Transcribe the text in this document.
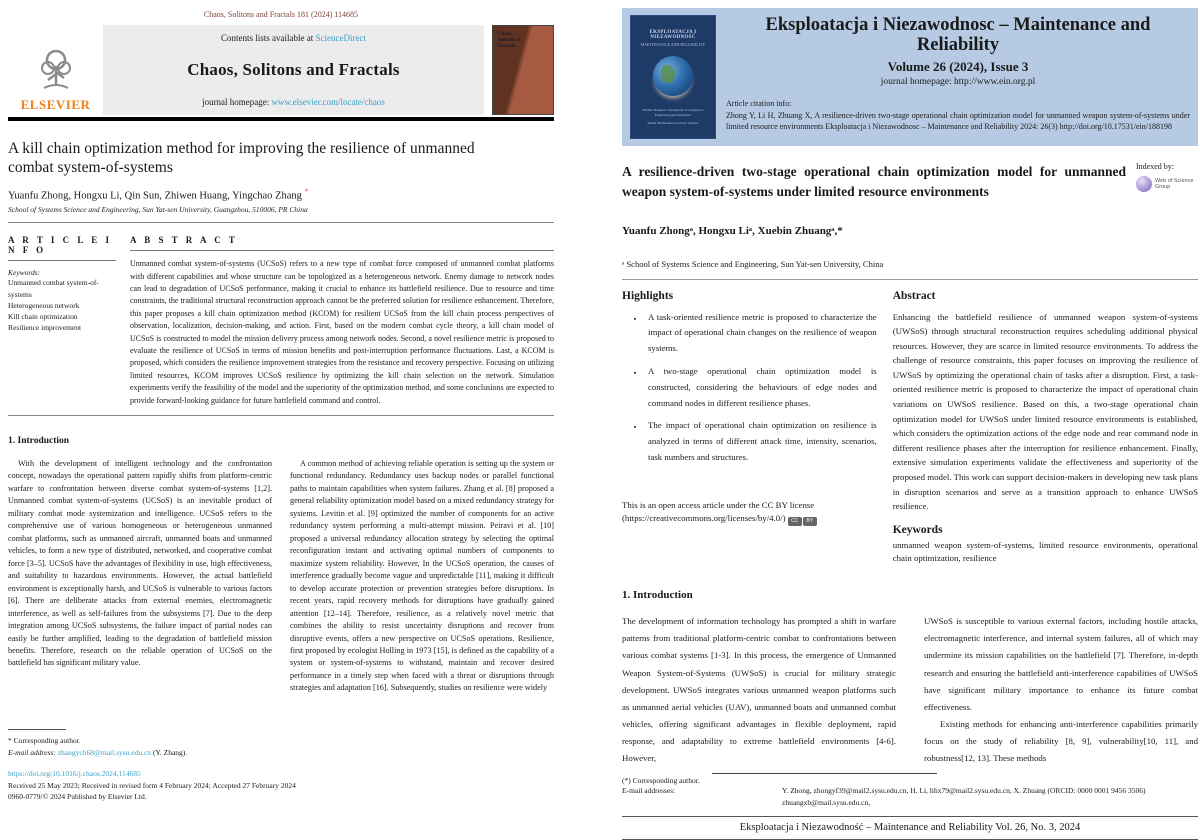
Chaos, Solitons and Fractals 181 (2024) 114685
ELSEVIER
Contents lists available at ScienceDirect
Chaos, Solitons and Fractals
journal homepage: www.elsevier.com/locate/chaos
Chaos, Solitons & Fractals
A kill chain optimization method for improving the resilience of unmanned combat system-of-systems
Yuanfu Zhong, Hongxu Li, Qin Sun, Zhiwen Huang, Yingchao Zhang *
School of Systems Science and Engineering, Sun Yat-sen University, Guangzhou, 510006, PR China
A R T I C L E I N F O
Keywords:
Unmanned combat system-of-systems
Heterogeneous network
Kill chain optimization
Resilience improvement
A B S T R A C T
Unmanned combat system-of-systems (UCSoS) refers to a new type of combat force composed of unmanned combat platforms with different capabilities and whose structure can be topologized as a heterogeneous network. Enemy damage to network nodes can lead to degradation of UCSoS performance, making it crucial to enhance its battlefield resilience. Due to resource and time constraints, the traditional structural reconstruction approach cannot be the preferred solution for resilience enhancement. Therefore, this paper proposes a kill chain optimization method (KCOM) for resilient UCSoS from the kill chain process perspectives of observation, localization, decision-making, and action. First, based on the modern combat cycle theory, a kill chain model of UCSoS is constructed to model the mission delivery process among network nodes. Second, a novel resilience metric is proposed to evaluate the resilience of UCSoS in terms of mission benefits and post-interruption performance fluctuations. Last, a KCOM is proposed, which considers the resilience improvement strategies from the resistance and recovery perspective. Focusing on utilizing limited resources, KCOM improves UCSoS resilience by optimizing the kill chain selection on the network. Simulation experiments verify the feasibility of the model and the superiority of the optimization method, and some conclusions are expected to provide forward-looking guidance for future battlefield command and control.
1. Introduction

With the development of intelligent technology and the confrontation concept, nowadays the operational pattern rapidly shifts from platform-centric warfare to confrontation between diverse combat system-of-systems [1,2]. Unmanned combat system-of-systems (UCSoS) is an inevitable product of military combat mode systemization and intelligence. UCSoS refers to the comprehensive use of various homogeneous or heterogeneous unmanned combat platforms, such as unmanned aircraft, unmanned boats and unmanned vehicles, to form a new type of distributed, networked, and cooperative combat force [3–5]. UCSoS have the advantages of flexibility in use, high effectiveness, and suitability to hazardous environments. However, the actual battlefield environment is exceptionally harsh, and UCSoS is vulnerable to various factors [6]. There are deliberate attacks from external enemies, electromagnetic interference, as well as self-failures from the subsystems [7]. Due to the deep integration among UCSoS subsystems, the failure impact of partial nodes can easily be further amplified, leading to the degradation of battlefield mission benefits. Therefore, research on the reliable operation of UCSoS on the battlefield has significant military value.

A common method of achieving reliable operation is setting up the system or functional redundancy. Redundancy uses backup nodes or parallel functional paths to maintain capabilities when system failures. Zhang et al. [8] proposed a general reliability optimization model based on a mixed redundancy strategy for systems. Levitin et al. [9] optimized the number of components for an active redundancy system performing a multi-attempt mission. Peiravi et al. [10] proposed a universal redundancy allocation strategy by selecting the optimal reconfiguration instant and activating optimal numbers of components to maximize system reliability. However, In the UCSoS operation, the causes of interference gradually become vague and unpredictable [11], making it difficult to develop accurate protection or prevention strategies before disruptions. In recent years, rapid recovery methods for disruptions have gradually gained attention [12–14]. Therefore, resilience, as a relatively novel metric that combines the ability to resist uncertainty disruptions and recover from disruptive events, offers a new perspective on UCSoS operations. Resilience, first proposed by ecologist Holling in 1973 [15], is defined as the capability of a system or system-of-systems to withstand, maintain and recover desired performance in a timely step when faced with a threat or disruptions through strategies and adaptation [16]. Subsequently, studies on resilience were widely

* Corresponding author.
E-mail address: zhangych68@mail.sysu.edu.cn (Y. Zhang).
https://doi.org/10.1016/j.chaos.2024.114685
Received 25 May 2023; Received in revised form 4 February 2024; Accepted 27 February 2024
0960-0779/© 2024 Published by Elsevier Ltd.
EKSPLOATACJA I NIEZAWODNOŚĆ
MAINTENANCE AND RELIABILITY
Polskie Naukowo Techniczne Towarzystwo Eksploatacyjne Warszawa
Polish Maintenance Society Warsaw
Eksploatacja i Niezawodnosc – Maintenance and Reliability
Volume 26 (2024), Issue 3
journal homepage: http://www.ein.org.pl
Article citation info:
Zhong Y, Li H, Zhuang X, A resilience-driven two-stage operational chain optimization model for unmanned weapon system-of-systems under limited resource environments Eksploatacja i Niezawodnosc – Maintenance and Reliability 2024: 26(3) http://doi.org/10.17531/ein/188198
A resilience-driven two-stage operational chain optimization model for unmanned weapon system-of-systems under limited resource environments
Indexed by:
Web of Science Group
Yuanfu Zhongᵃ, Hongxu Liᵃ, Xuebin Zhuangᵃ,*
ᵃ School of Systems Science and Engineering, Sun Yat-sen University, China
Highlights
▪	A task-oriented resilience metric is proposed to characterize the impact of operational chain changes on the resilience of weapon systems.
▪	A two-stage operational chain optimization model is constructed, considering the behaviours of edge nodes and command nodes in different resilience phases.
▪	The impact of operational chain optimization on resilience is analyzed in terms of different attack time, intensity, scenarios, task numbers and structures.
This is an open access article under the CC BY license
(https://creativecommons.org/licenses/by/4.0/)	CC	BY
Abstract
Enhancing the battlefield resilience of unmanned weapon system-of-systems (UWSoS) through structural reconstruction requires scheduling additional physical resources. However, they are scarce in limited resource environments. To address the challenge of resource constraints, this paper focuses on improving the resilience of UWSoS by optimizing the operational chain of tasks after a disruption. First, a task-oriented resilience metric is proposed to characterize the impact of operational chain variations on UWSoS resilience. Based on this, a two-stage operational chain optimization model for UWSoS under limited resource environments is established, which considers the optimization actions of the edge node and rear command node in different resilience phases after the interruption for resilience enhancement. Finally, extensive simulation experiments validate the effectiveness and superiority of the proposed model. This work can support decision-makers in developing new task plans in disruption scenarios and serve as a transition approach to enhance UWSoS resilience.
Keywords
unmanned weapon system-of-systems, limited resource environments, operational chain optimization, resilience
1. Introduction

The development of information technology has prompted a shift in warfare patterns from traditional platform-centric combat to confrontations between various combat systems [1-3]. In this process, the emergence of Unmanned Weapon System-of-Systems (UWSoS) is crucial for military strategic development. UWSoS integrates various unmanned weapon platforms such as unmanned aerial vehicles (UAV), unmanned boats and unmanned combat vehicles, offering significant advantages in flexible deployment, rapid response, and adaptability to extreme battlefield environments [4-6]. However,

UWSoS is susceptible to various external factors, including hostile attacks, electromagnetic interference, and internal system failures, all of which may undermine its mission capabilities on the battlefield [7]. Therefore, in-depth research and ensuring the battlefield anti-interference capabilities of UWSoS have significant military importance to enhance its future combat effectiveness.

Existing methods for enhancing anti-interference capabilities primarily focus on the study of reliability [8, 9], vulnerability[10, 11], and robustness[12, 13]. These methods

(*) Corresponding author.
E-mail addresses:	Y. Zhong, zhongyf39@mail2.sysu.edu.cn, H. Li, lihx79@mail2.sysu.edu.cn, X. Zhuang (ORCID: 0000 0001 9456 3506) zhuangxb@mail.sysu.edu.cn,
Eksploatacja i Niezawodność – Maintenance and Reliability Vol. 26, No. 3, 2024
